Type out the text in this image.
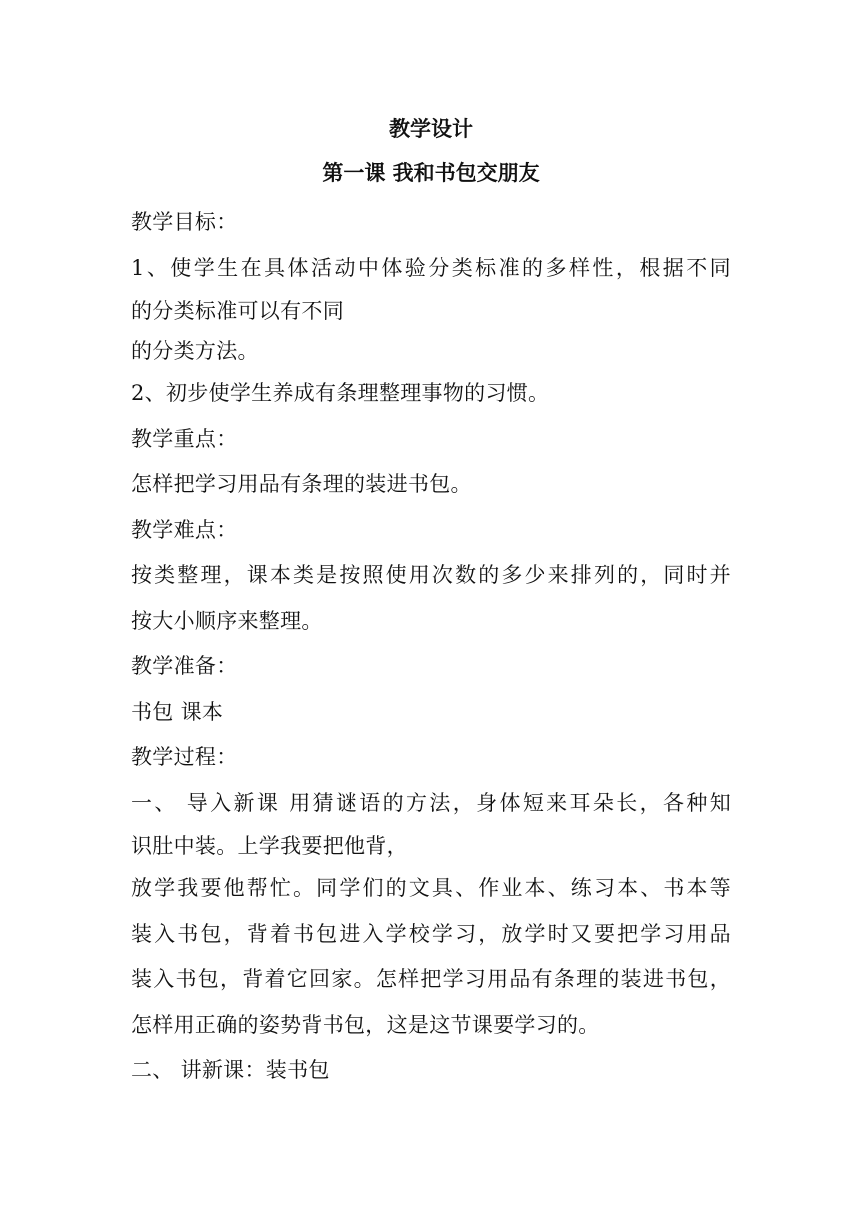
教学设计

第一课 我和书包交朋友

教学目标：

1、使学生在具体活动中体验分类标准的多样性，根据不同

的分类标准可以有不同

的分类方法。

2、初步使学生养成有条理整理事物的习惯。

教学重点：

怎样把学习用品有条理的装进书包。

教学难点：

按类整理，课本类是按照使用次数的多少来排列的，同时并

按大小顺序来整理。

教学准备：

书包 课本

教学过程：

一、 导入新课 用猜谜语的方法，身体短来耳朵长，各种知

识肚中装。上学我要把他背，

放学我要他帮忙。同学们的文具、作业本、练习本、书本等

装入书包，背着书包进入学校学习，放学时又要把学习用品

装入书包，背着它回家。怎样把学习用品有条理的装进书包，

怎样用正确的姿势背书包，这是这节课要学习的。

二、 讲新课：装书包
